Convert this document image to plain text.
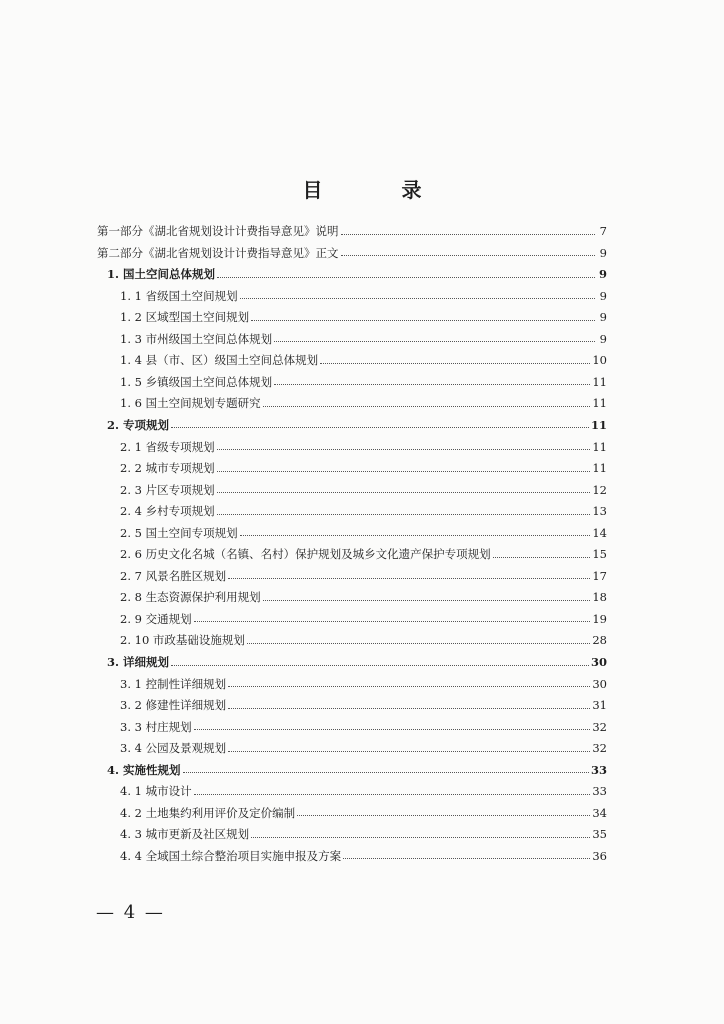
目 录
第一部分《湖北省规划设计计费指导意见》说明	7
第二部分《湖北省规划设计计费指导意见》正文	9
1. 国土空间总体规划	9
1. 1 省级国土空间规划	9
1. 2 区域型国土空间规划	9
1. 3 市州级国土空间总体规划	9
1. 4 县（市、区）级国土空间总体规划	10
1. 5 乡镇级国土空间总体规划	11
1. 6 国土空间规划专题研究	11
2. 专项规划	11
2. 1 省级专项规划	11
2. 2 城市专项规划	11
2. 3 片区专项规划	12
2. 4 乡村专项规划	13
2. 5 国土空间专项规划	14
2. 6 历史文化名城（名镇、名村）保护规划及城乡文化遗产保护专项规划	15
2. 7 风景名胜区规划	17
2. 8 生态资源保护利用规划	18
2. 9 交通规划	19
2. 10 市政基础设施规划	28
3. 详细规划	30
3. 1 控制性详细规划	30
3. 2 修建性详细规划	31
3. 3 村庄规划	32
3. 4 公园及景观规划	32
4. 实施性规划	33
4. 1 城市设计	33
4. 2 土地集约利用评价及定价编制	34
4. 3 城市更新及社区规划	35
4. 4 全域国土综合整治项目实施申报及方案	36
— 4 —
